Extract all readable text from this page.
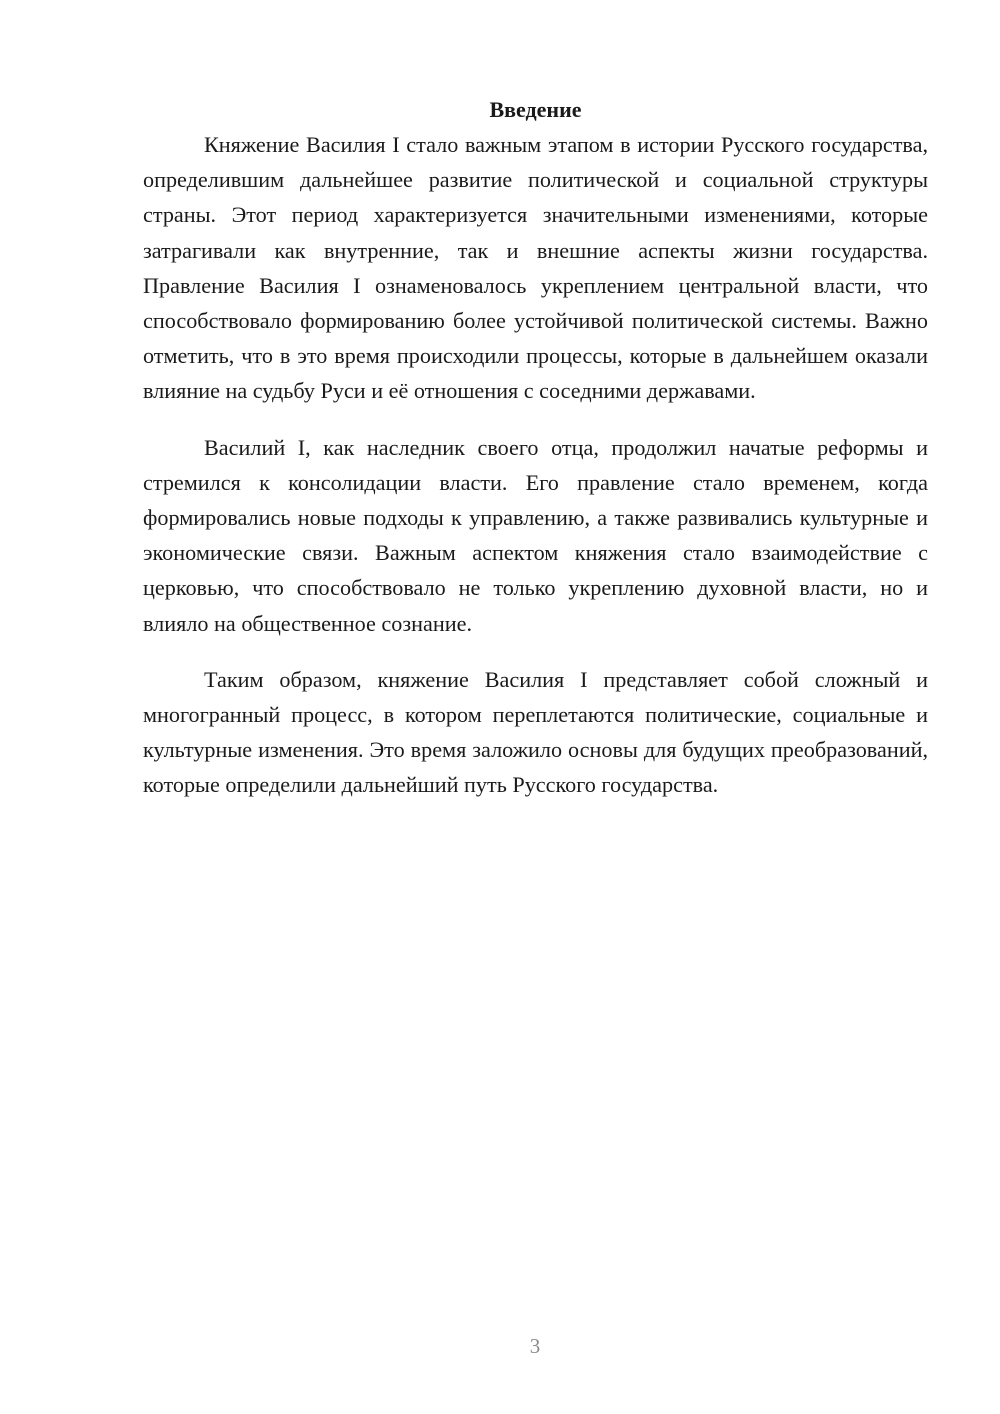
Введение

Княжение Василия I стало важным этапом в истории Русского государства, определившим дальнейшее развитие политической и социальной структуры страны. Этот период характеризуется значительными изменениями, которые затрагивали как внутренние, так и внешние аспекты жизни государства. Правление Василия I ознаменовалось укреплением центральной власти, что способствовало формированию более устойчивой политической системы. Важно отметить, что в это время происходили процессы, которые в дальнейшем оказали влияние на судьбу Руси и её отношения с соседними державами.

Василий I, как наследник своего отца, продолжил начатые реформы и стремился к консолидации власти. Его правление стало временем, когда формировались новые подходы к управлению, а также развивались культурные и экономические связи. Важным аспектом княжения стало взаимодействие с церковью, что способствовало не только укреплению духовной власти, но и влияло на общественное сознание.

Таким образом, княжение Василия I представляет собой сложный и многогранный процесс, в котором переплетаются политические, социальные и культурные изменения. Это время заложило основы для будущих преобразований, которые определили дальнейший путь Русского государства.

3
